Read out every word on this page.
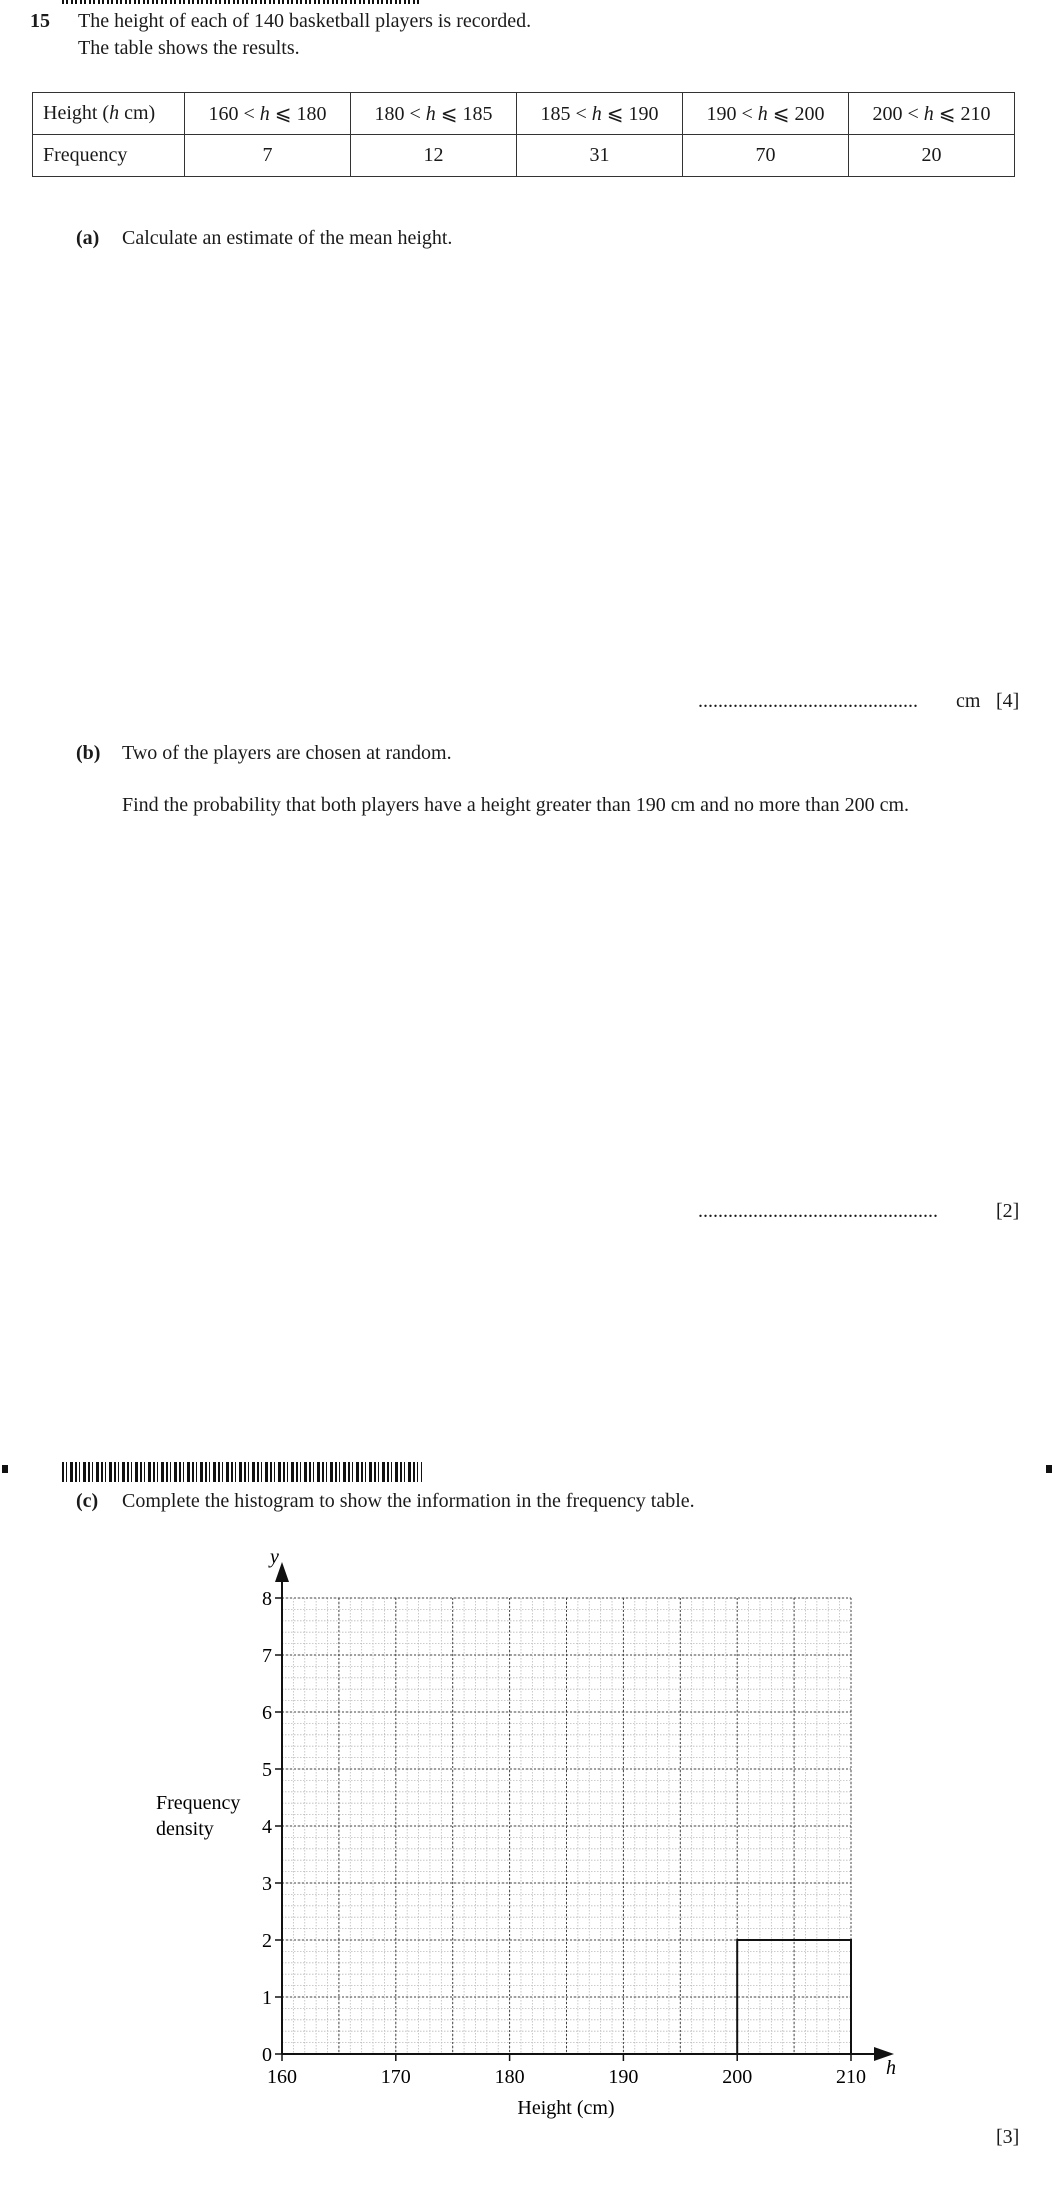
15 The height of each of 140 basketball players is recorded.
The table shows the results.
Height (h cm)	160 < h ⩽ 180	180 < h ⩽ 185	185 < h ⩽ 190	190 < h ⩽ 200	200 < h ⩽ 210
Frequency	7	12	31	70	20
(a) Calculate an estimate of the mean height.
............................................ cm [4]
(b) Two of the players are chosen at random.
Find the probability that both players have a height greater than 190 cm and no more than 200 cm.
................................................	[2]
(c) Complete the histogram to show the information in the frequency table.
160	170	180	190	200	210
0
1
2
3
4
5
6
7
8
Height (cm)
Frequency
density
h
y
[3]
